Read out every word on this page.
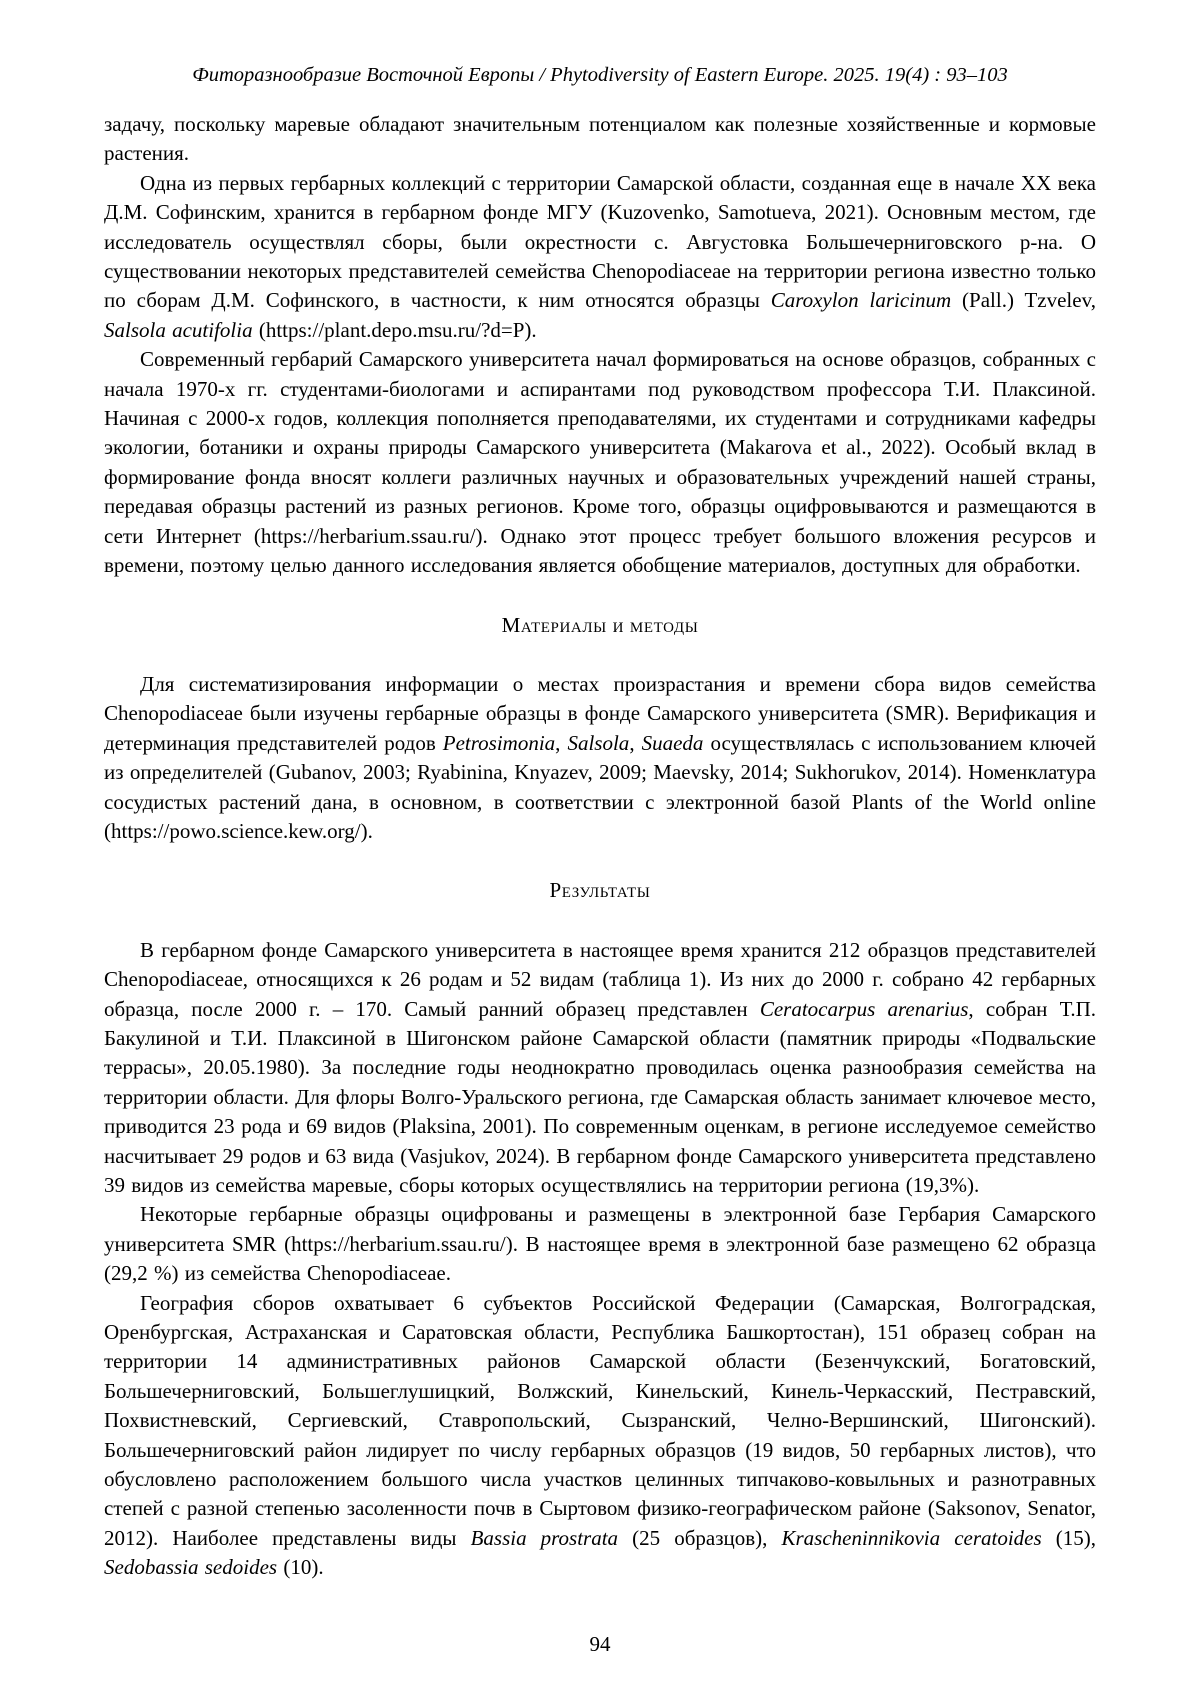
Фиторазнообразие Восточной Европы / Phytodiversity of Eastern Europe. 2025. 19(4) : 93–103
задачу, поскольку маревые обладают значительным потенциалом как полезные хозяйственные и кормовые растения.
Одна из первых гербарных коллекций с территории Самарской области, созданная еще в начале XX века Д.М. Софинским, хранится в гербарном фонде МГУ (Kuzovenko, Samotueva, 2021). Основным местом, где исследователь осуществлял сборы, были окрестности с. Августовка Большечерниговского р-на. О существовании некоторых представителей семейства Chenopodiaceae на территории региона известно только по сборам Д.М. Софинского, в частности, к ним относятся образцы Caroxylon laricinum (Pall.) Tzvelev, Salsola acutifolia (https://plant.depo.msu.ru/?d=P).
Современный гербарий Самарского университета начал формироваться на основе образцов, собранных с начала 1970-х гг. студентами-биологами и аспирантами под руководством профессора Т.И. Плаксиной. Начиная с 2000-х годов, коллекция пополняется преподавателями, их студентами и сотрудниками кафедры экологии, ботаники и охраны природы Самарского университета (Makarova et al., 2022). Особый вклад в формирование фонда вносят коллеги различных научных и образовательных учреждений нашей страны, передавая образцы растений из разных регионов. Кроме того, образцы оцифровываются и размещаются в сети Интернет (https://herbarium.ssau.ru/). Однако этот процесс требует большого вложения ресурсов и времени, поэтому целью данного исследования является обобщение материалов, доступных для обработки.
Материалы и методы
Для систематизирования информации о местах произрастания и времени сбора видов семейства Chenopodiaceae были изучены гербарные образцы в фонде Самарского университета (SMR). Верификация и детерминация представителей родов Petrosimonia, Salsola, Suaeda осуществлялась с использованием ключей из определителей (Gubanov, 2003; Ryabinina, Knyazev, 2009; Maevsky, 2014; Sukhorukov, 2014). Номенклатура сосудистых растений дана, в основном, в соответствии с электронной базой Plants of the World online (https://powo.science.kew.org/).
Результаты
В гербарном фонде Самарского университета в настоящее время хранится 212 образцов представителей Chenopodiaceae, относящихся к 26 родам и 52 видам (таблица 1). Из них до 2000 г. собрано 42 гербарных образца, после 2000 г. – 170. Самый ранний образец представлен Ceratocarpus arenarius, собран Т.П. Бакулиной и Т.И. Плаксиной в Шигонском районе Самарской области (памятник природы «Подвальские террасы», 20.05.1980). За последние годы неоднократно проводилась оценка разнообразия семейства на территории области. Для флоры Волго-Уральского региона, где Самарская область занимает ключевое место, приводится 23 рода и 69 видов (Plaksina, 2001). По современным оценкам, в регионе исследуемое семейство насчитывает 29 родов и 63 вида (Vasjukov, 2024). В гербарном фонде Самарского университета представлено 39 видов из семейства маревые, сборы которых осуществлялись на территории региона (19,3%).
Некоторые гербарные образцы оцифрованы и размещены в электронной базе Гербария Самарского университета SMR (https://herbarium.ssau.ru/). В настоящее время в электронной базе размещено 62 образца (29,2 %) из семейства Chenopodiaceae.
География сборов охватывает 6 субъектов Российской Федерации (Самарская, Волгоградская, Оренбургская, Астраханская и Саратовская области, Республика Башкортостан), 151 образец собран на территории 14 административных районов Самарской области (Безенчукский, Богатовский, Большечерниговский, Большеглушицкий, Волжский, Кинельский, Кинель-Черкасский, Пестравский, Похвистневский, Сергиевский, Ставропольский, Сызранский, Челно-Вершинский, Шигонский). Большечерниговский район лидирует по числу гербарных образцов (19 видов, 50 гербарных листов), что обусловлено расположением большого числа участков целинных типчаково-ковыльных и разнотравных степей с разной степенью засоленности почв в Сыртовом физико-географическом районе (Saksonov, Senator, 2012). Наиболее представлены виды Bassia prostrata (25 образцов), Krascheninnikovia ceratoides (15), Sedobassia sedoides (10).
94
